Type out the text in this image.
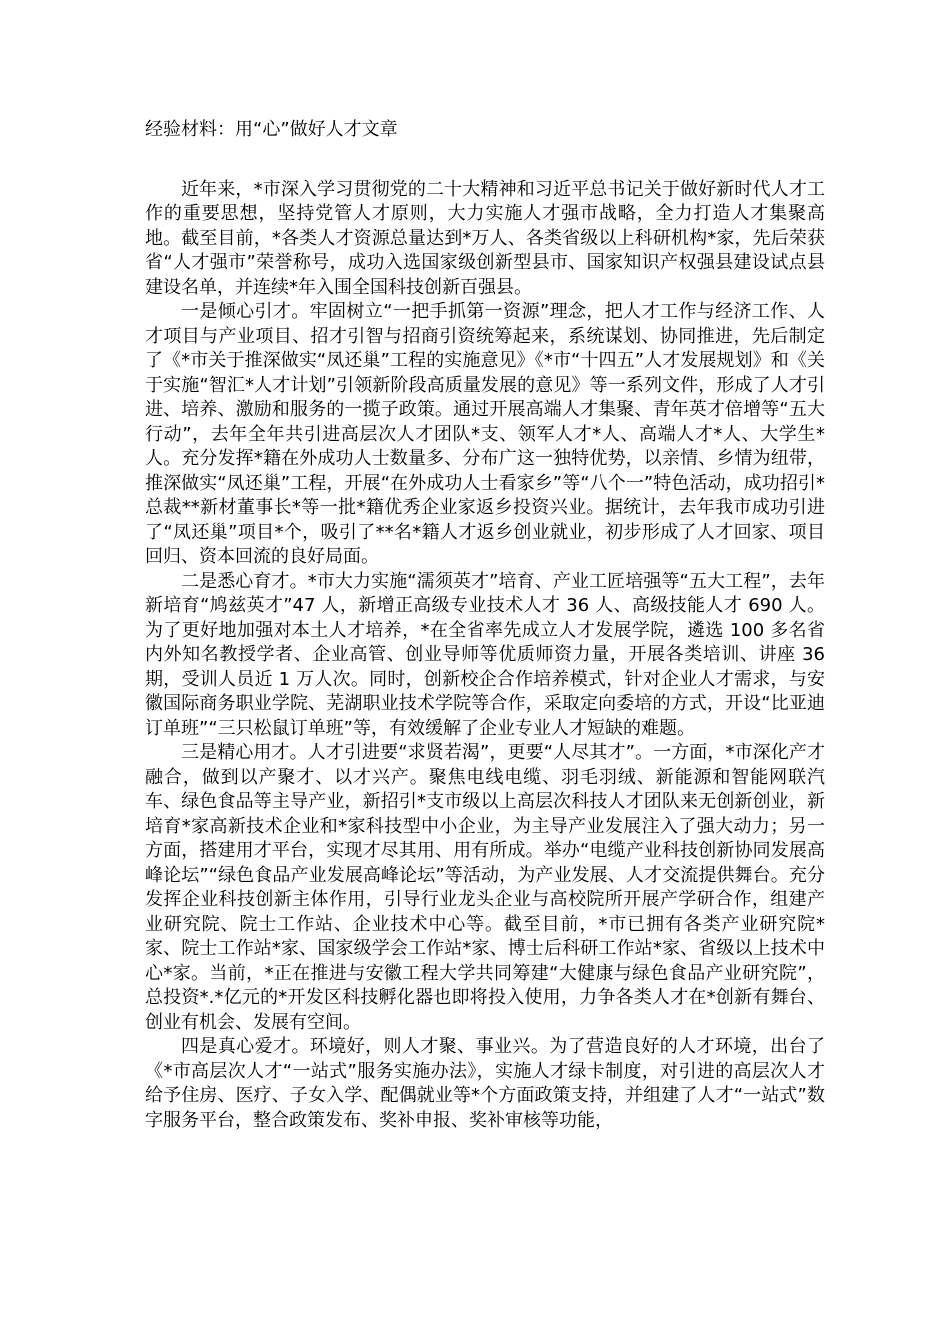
经验材料：用“心”做好人才文章

近年来，*市深入学习贯彻党的二十大精神和习近平总书记关于做好新时代人才工作的重要思想，坚持党管人才原则，大力实施人才强市战略，全力打造人才集聚高地。截至目前，*各类人才资源总量达到*万人、各类省级以上科研机构*家，先后荣获省“人才强市”荣誉称号，成功入选国家级创新型县市、国家知识产权强县建设试点县建设名单，并连续*年入围全国科技创新百强县。

一是倾心引才。牢固树立“一把手抓第一资源”理念，把人才工作与经济工作、人才项目与产业项目、招才引智与招商引资统筹起来，系统谋划、协同推进，先后制定了《*市关于推深做实“凤还巢”工程的实施意见》《*市“十四五”人才发展规划》和《关于实施“智汇*人才计划”引领新阶段高质量发展的意见》等一系列文件，形成了人才引进、培养、激励和服务的一揽子政策。通过开展高端人才集聚、青年英才倍增等“五大行动”，去年全年共引进高层次人才团队*支、领军人才*人、高端人才*人、大学生*人。充分发挥*籍在外成功人士数量多、分布广这一独特优势，以亲情、乡情为纽带，推深做实“凤还巢”工程，开展“在外成功人士看家乡”等“八个一”特色活动，成功招引*总裁**新材董事长*等一批*籍优秀企业家返乡投资兴业。据统计，去年我市成功引进了“凤还巢”项目*个，吸引了**名*籍人才返乡创业就业，初步形成了人才回家、项目回归、资本回流的良好局面。

二是悉心育才。*市大力实施“濡须英才”培育、产业工匠培强等“五大工程”，去年新培育“鸠兹英才”47 人，新增正高级专业技术人才 36 人、高级技能人才 690 人。为了更好地加强对本土人才培养，*在全省率先成立人才发展学院，遴选 100 多名省内外知名教授学者、企业高管、创业导师等优质师资力量，开展各类培训、讲座 36 期，受训人员近 1 万人次。同时，创新校企合作培养模式，针对企业人才需求，与安徽国际商务职业学院、芜湖职业技术学院等合作，采取定向委培的方式，开设“比亚迪订单班”“三只松鼠订单班”等，有效缓解了企业专业人才短缺的难题。

三是精心用才。人才引进要“求贤若渴”，更要“人尽其才”。一方面，*市深化产才融合，做到以产聚才、以才兴产。聚焦电线电缆、羽毛羽绒、新能源和智能网联汽车、绿色食品等主导产业，新招引*支市级以上高层次科技人才团队来无创新创业，新培育*家高新技术企业和*家科技型中小企业，为主导产业发展注入了强大动力；另一方面，搭建用才平台，实现才尽其用、用有所成。举办“电缆产业科技创新协同发展高峰论坛”“绿色食品产业发展高峰论坛”等活动，为产业发展、人才交流提供舞台。充分发挥企业科技创新主体作用，引导行业龙头企业与高校院所开展产学研合作，组建产业研究院、院士工作站、企业技术中心等。截至目前，*市已拥有各类产业研究院*家、院士工作站*家、国家级学会工作站*家、博士后科研工作站*家、省级以上技术中心*家。当前，*正在推进与安徽工程大学共同筹建“大健康与绿色食品产业研究院”，总投资*.*亿元的*开发区科技孵化器也即将投入使用，力争各类人才在*创新有舞台、创业有机会、发展有空间。

四是真心爱才。环境好，则人才聚、事业兴。为了营造良好的人才环境，出台了《*市高层次人才“一站式”服务实施办法》，实施人才绿卡制度，对引进的高层次人才给予住房、医疗、子女入学、配偶就业等*个方面政策支持，并组建了人才“一站式”数字服务平台，整合政策发布、奖补申报、奖补审核等功能，
